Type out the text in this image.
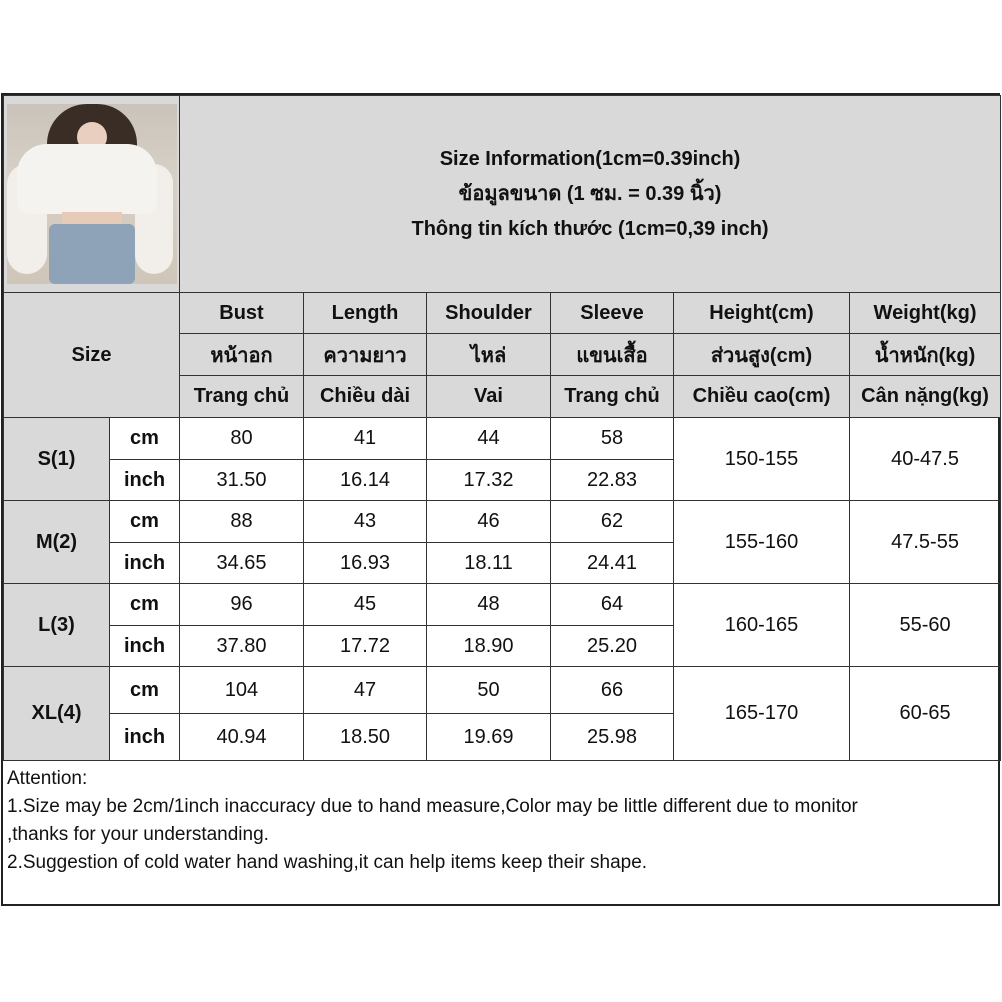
		Size Information(1cm=0.39inch)
ข้อมูลขนาด (1 ซม. = 0.39 นิ้ว)
Thông tin kích thước (1cm=0,39 inch)					

Size		Bust	Length	Shoulder	Sleeve	Height(cm)	Weight(kg)
		หน้าอก	ความยาว	ไหล่	แขนเสื้อ	ส่วนสูง(cm)	น้ำหนัก(kg)
		Trang chủ	Chiều dài	Vai	Trang chủ	Chiều cao(cm)	Cân nặng(kg)
S(1)	cm	80	41	44	58	150-155	40-47.5
	inch	31.50	16.14	17.32	22.83		
M(2)	cm	88	43	46	62	155-160	47.5-55
	inch	34.65	16.93	18.11	24.41		
L(3)	cm	96	45	48	64	160-165	55-60
	inch	37.80	17.72	18.90	25.20		
XL(4)	cm	104	47	50	66	165-170	60-65
	inch	40.94	18.50	19.69	25.98		
Attention:
1.Size may be 2cm/1inch inaccuracy due to hand measure,Color may be little different due to monitor
,thanks for your understanding.
2.Suggestion of cold water hand washing,it can help items keep their shape.
